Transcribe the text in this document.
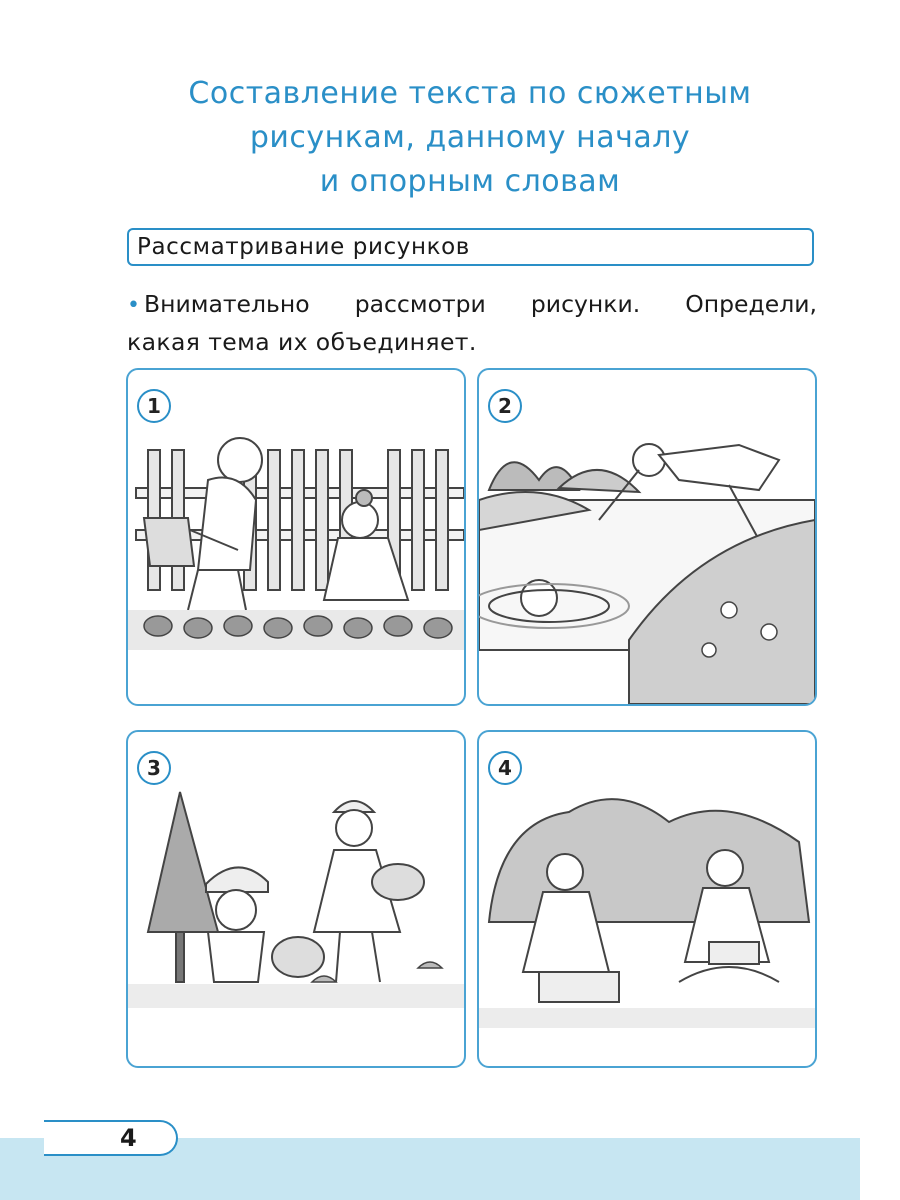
Составление текста по сюжетным
рисункам, данному началу
и опорным словам
Рассматривание рисунков
• Внимательно рассмотри рисунки. Определи,
какая тема их объединяет.
1	2
3	4
4
